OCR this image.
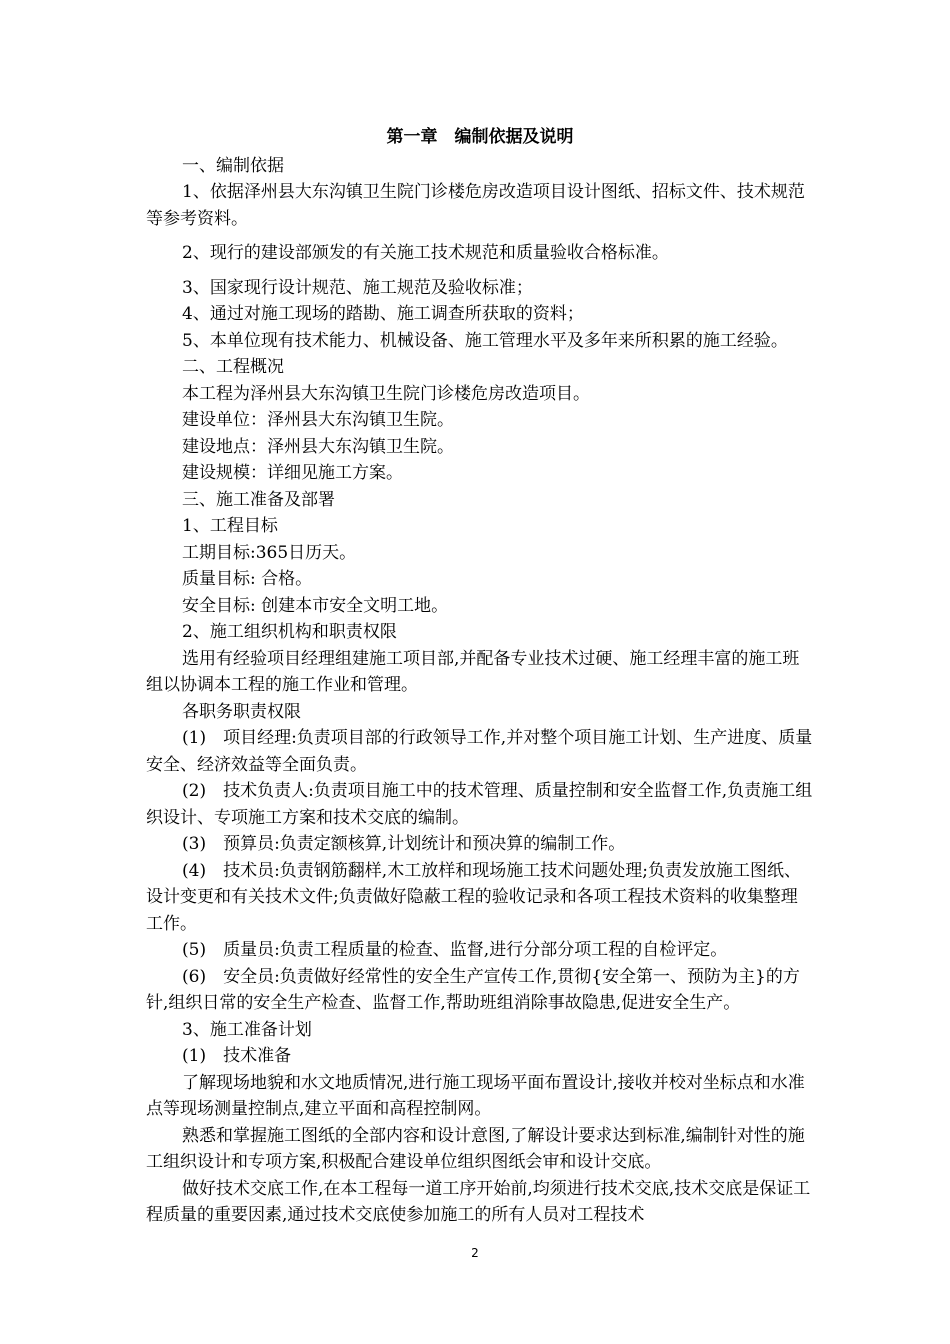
第一章　编制依据及说明
一、编制依据
1、依据泽州县大东沟镇卫生院门诊楼危房改造项目设计图纸、招标文件、技术规范等参考资料。
2、现行的建设部颁发的有关施工技术规范和质量验收合格标准。
3、国家现行设计规范、施工规范及验收标准；
4、通过对施工现场的踏勘、施工调查所获取的资料；
5、本单位现有技术能力、机械设备、施工管理水平及多年来所积累的施工经验。
二、工程概况
本工程为泽州县大东沟镇卫生院门诊楼危房改造项目。
建设单位：泽州县大东沟镇卫生院。
建设地点：泽州县大东沟镇卫生院。
建设规模：详细见施工方案。
三、施工准备及部署
1、工程目标
工期目标:365日历天。
质量目标: 合格。
安全目标: 创建本市安全文明工地。
2、施工组织机构和职责权限
选用有经验项目经理组建施工项目部,并配备专业技术过硬、施工经理丰富的施工班组以协调本工程的施工作业和管理。
各职务职责权限
(1)　项目经理:负责项目部的行政领导工作,并对整个项目施工计划、生产进度、质量安全、经济效益等全面负责。
(2)　技术负责人:负责项目施工中的技术管理、质量控制和安全监督工作,负责施工组织设计、专项施工方案和技术交底的编制。
(3)　预算员:负责定额核算,计划统计和预决算的编制工作。
(4)　技术员:负责钢筋翻样,木工放样和现场施工技术问题处理;负责发放施工图纸、设计变更和有关技术文件;负责做好隐蔽工程的验收记录和各项工程技术资料的收集整理工作。
(5)　质量员:负责工程质量的检查、监督,进行分部分项工程的自检评定。
(6)　安全员:负责做好经常性的安全生产宣传工作,贯彻{安全第一、预防为主}的方针,组织日常的安全生产检查、监督工作,帮助班组消除事故隐患,促进安全生产。
3、施工准备计划
(1)　技术准备
了解现场地貌和水文地质情况,进行施工现场平面布置设计,接收并校对坐标点和水准点等现场测量控制点,建立平面和高程控制网。
熟悉和掌握施工图纸的全部内容和设计意图,了解设计要求达到标准,编制针对性的施工组织设计和专项方案,积极配合建设单位组织图纸会审和设计交底。
做好技术交底工作,在本工程每一道工序开始前,均须进行技术交底,技术交底是保证工程质量的重要因素,通过技术交底使参加施工的所有人员对工程技术
2
